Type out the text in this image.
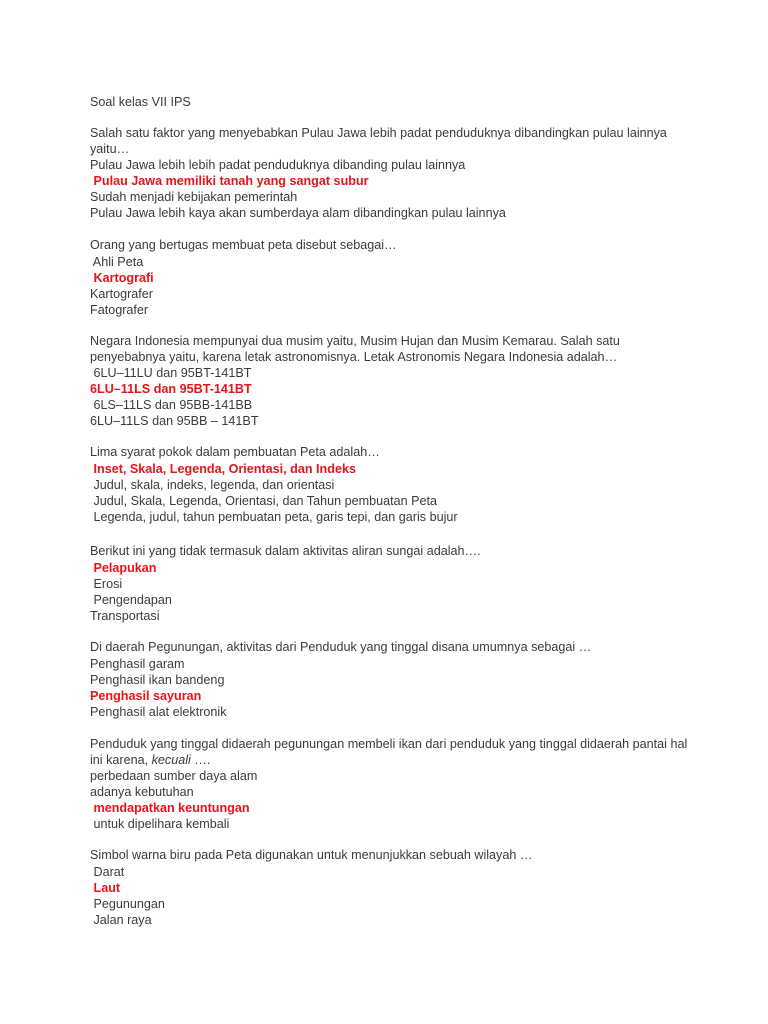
Soal kelas VII IPS
Salah satu faktor yang menyebabkan Pulau Jawa lebih padat penduduknya dibandingkan pulau lainnya yaitu…
Pulau Jawa lebih lebih padat penduduknya dibanding pulau lainnya
Pulau Jawa memiliki tanah yang sangat subur
Sudah menjadi kebijakan pemerintah
Pulau Jawa lebih kaya akan sumberdaya alam dibandingkan pulau lainnya
Orang yang bertugas membuat peta disebut sebagai…
Ahli Peta
Kartografi
Kartografer
Fatografer
Negara Indonesia mempunyai dua musim yaitu, Musim Hujan dan Musim Kemarau. Salah satu penyebabnya yaitu, karena letak astronomisnya. Letak Astronomis Negara Indonesia adalah…
6LU–11LU dan 95BT-141BT
6LU–11LS dan 95BT-141BT
6LS–11LS dan 95BB-141BB
6LU–11LS dan 95BB – 141BT
Lima syarat pokok dalam pembuatan Peta adalah…
Inset, Skala, Legenda, Orientasi, dan Indeks
Judul, skala, indeks, legenda, dan orientasi
Judul, Skala, Legenda, Orientasi, dan Tahun pembuatan Peta
Legenda, judul, tahun pembuatan peta, garis tepi, dan garis bujur
Berikut ini yang tidak termasuk dalam aktivitas aliran sungai adalah….
Pelapukan
Erosi
Pengendapan
Transportasi
Di daerah Pegunungan, aktivitas dari Penduduk yang tinggal disana umumnya sebagai …
Penghasil garam
Penghasil ikan bandeng
Penghasil sayuran
Penghasil alat elektronik
Penduduk yang tinggal didaerah pegunungan membeli ikan dari penduduk yang tinggal didaerah pantai hal ini karena, kecuali ….
perbedaan sumber daya alam
adanya kebutuhan
mendapatkan keuntungan
untuk dipelihara kembali
Simbol warna biru pada Peta digunakan untuk menunjukkan sebuah wilayah …
Darat
Laut
Pegunungan
Jalan raya
